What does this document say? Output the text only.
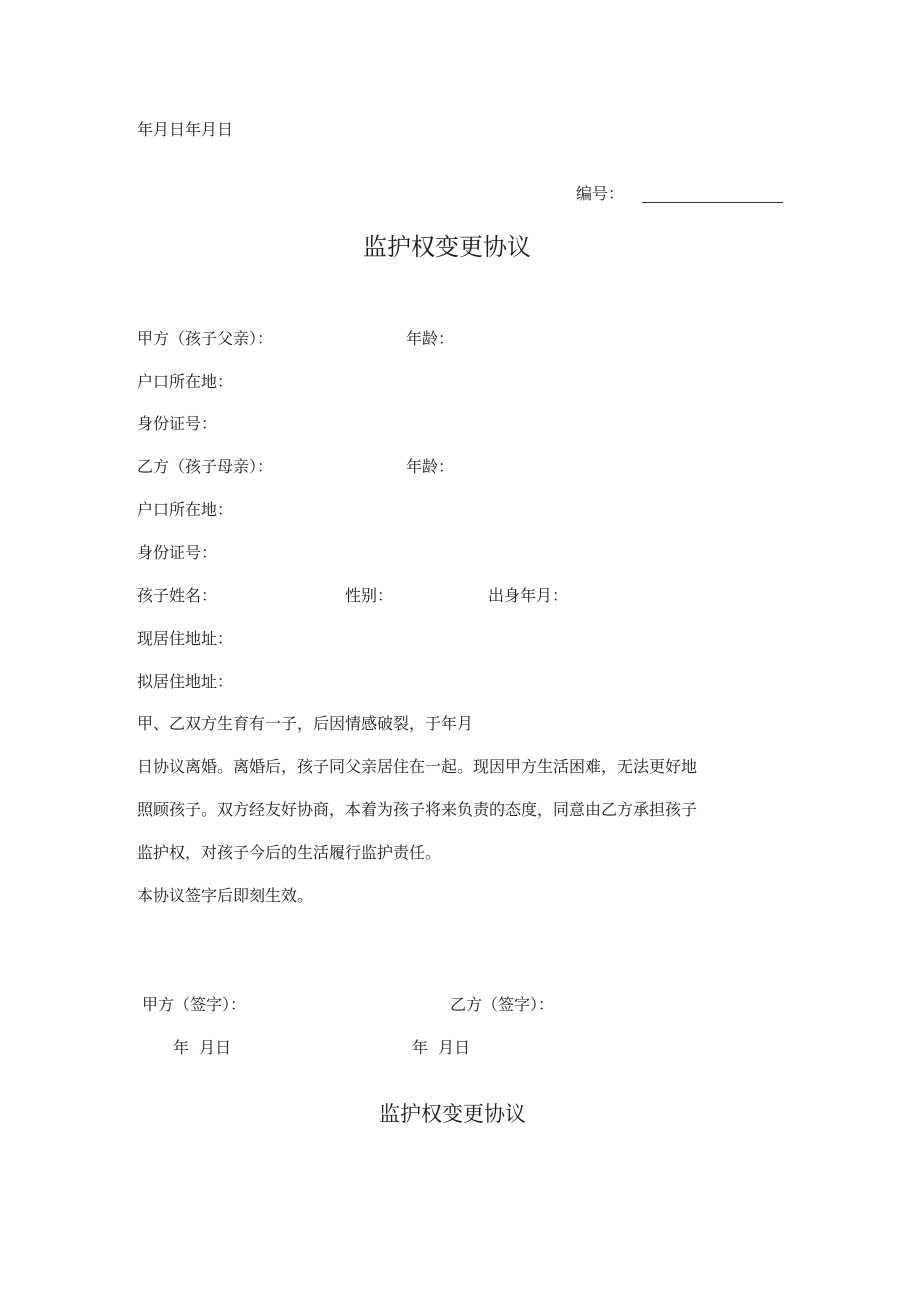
年月日年月日
编号：
监护权变更协议
甲方（孩子父亲）：	年龄：
户口所在地：
身份证号：
乙方（孩子母亲）：	年龄：
户口所在地：
身份证号：
孩子姓名：	性别：	出身年月：
现居住地址：
拟居住地址：
甲、乙双方生育有一子，后因情感破裂，于年月
日协议离婚。离婚后，孩子同父亲居住在一起。现因甲方生活困难，无法更好地
照顾孩子。双方经友好协商，本着为孩子将来负责的态度，同意由乙方承担孩子
监护权，对孩子今后的生活履行监护责任。
本协议签字后即刻生效。
甲方（签字）：	乙方（签字）：
年  月日	年  月日
监护权变更协议
